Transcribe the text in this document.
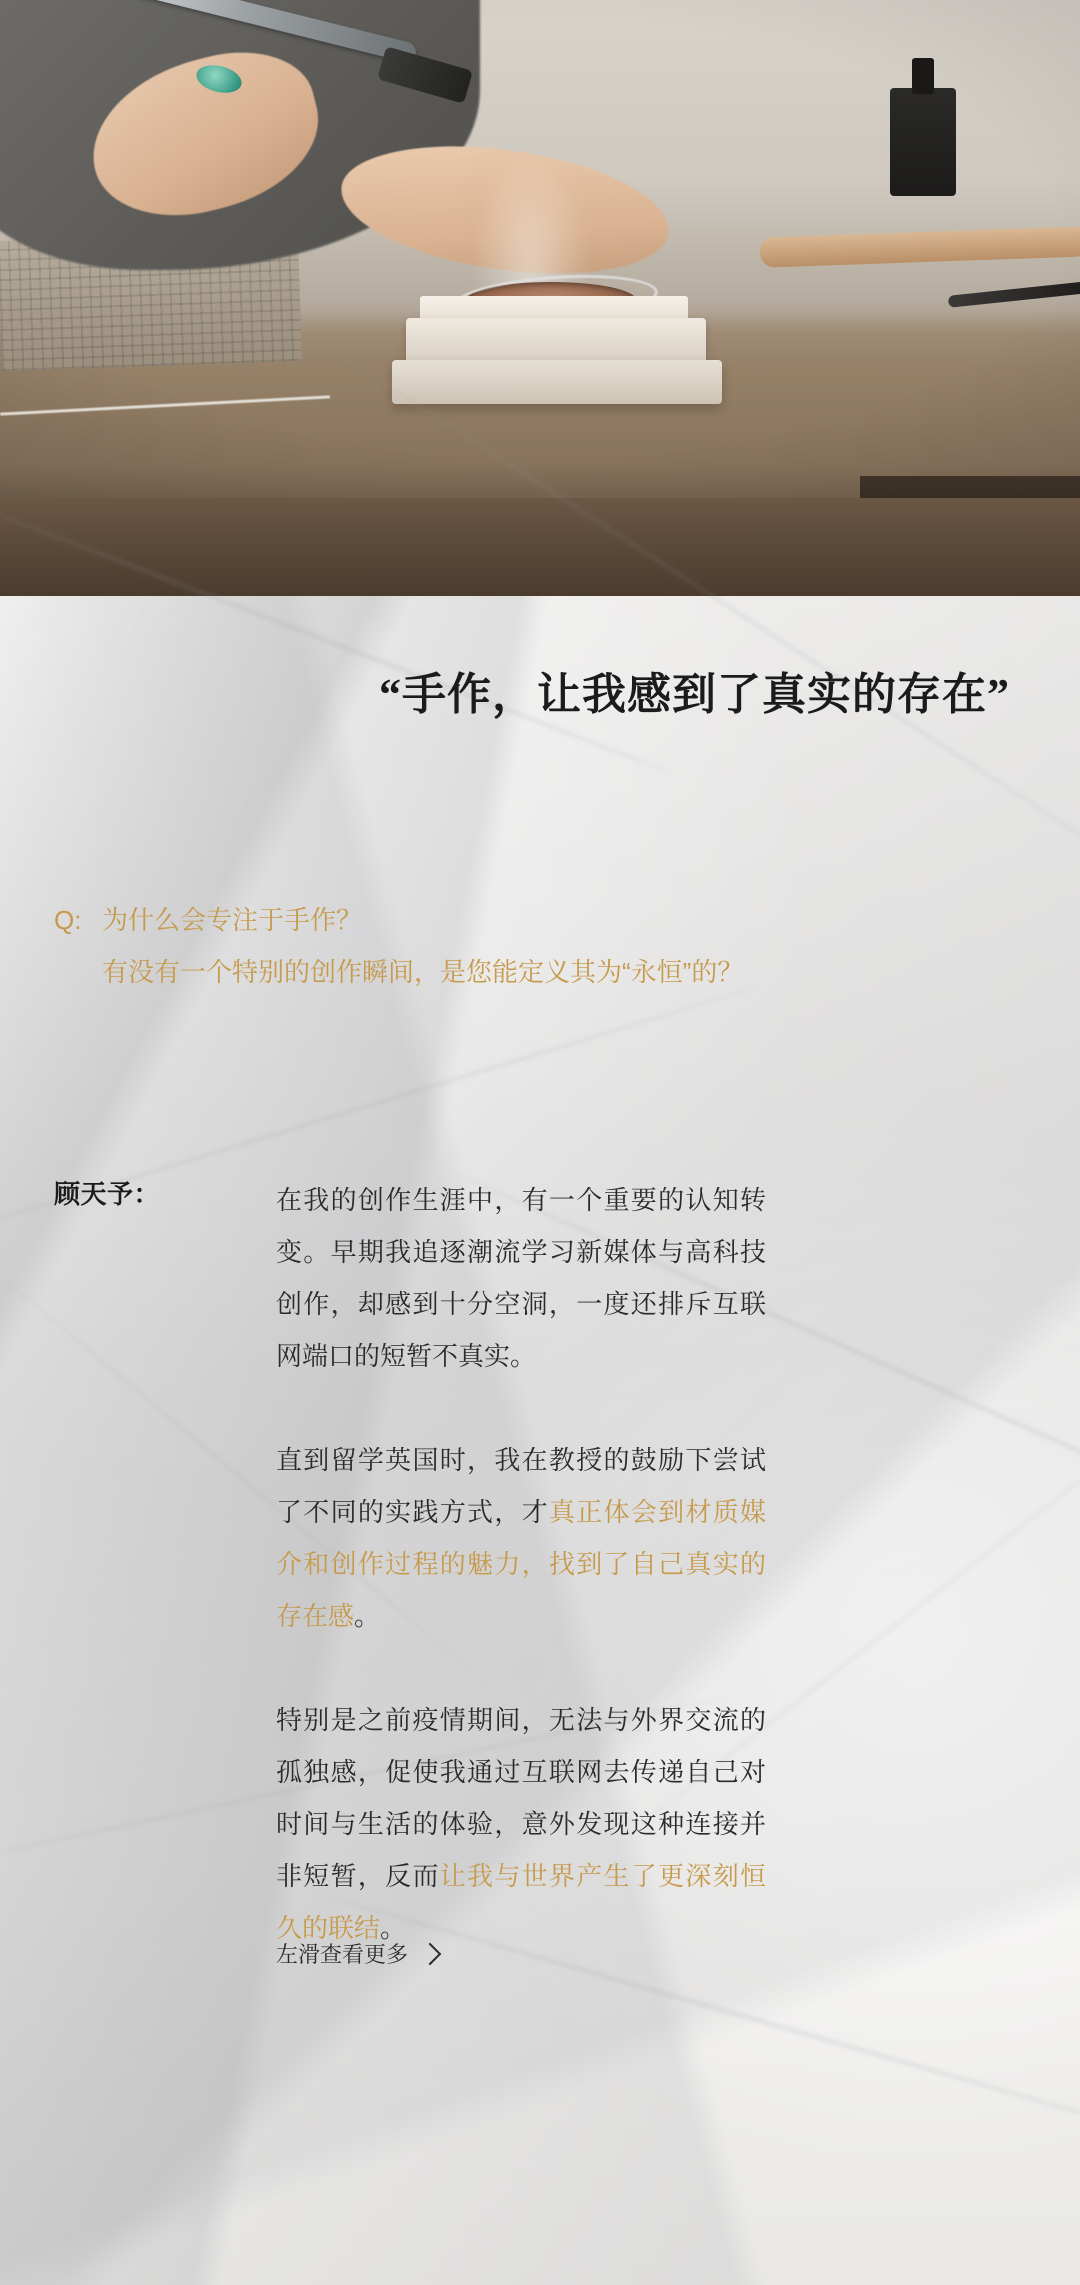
“手作，让我感到了真实的存在”
Q: 为什么会专注于手作？
有没有一个特别的创作瞬间，是您能定义其为“永恒”的？
顾天予：	在我的创作生涯中，有一个重要的认知转变。早期我追逐潮流学习新媒体与高科技创作，却感到十分空洞，一度还排斥互联网端口的短暂不真实。

直到留学英国时，我在教授的鼓励下尝试了不同的实践方式，才真正体会到材质媒介和创作过程的魅力，找到了自己真实的存在感。

特别是之前疫情期间，无法与外界交流的孤独感，促使我通过互联网去传递自己对时间与生活的体验，意外发现这种连接并非短暂，反而让我与世界产生了更深刻恒久的联结。

左滑查看更多
